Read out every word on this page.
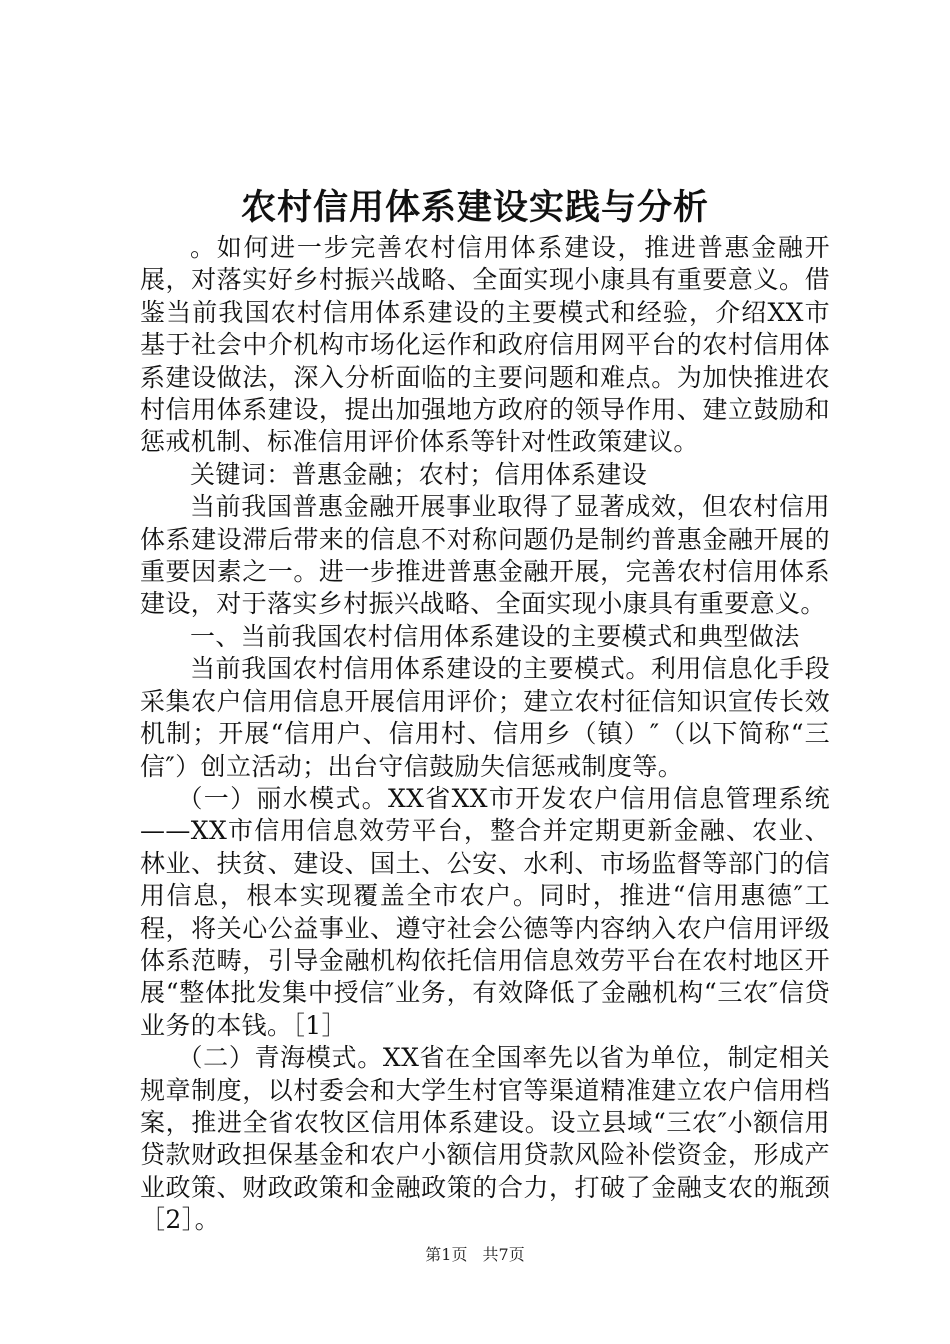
农村信用体系建设实践与分析

。如何进一步完善农村信用体系建设，推进普惠金融开展，对落实好乡村振兴战略、全面实现小康具有重要意义。借鉴当前我国农村信用体系建设的主要模式和经验，介绍XX市基于社会中介机构市场化运作和政府信用网平台的农村信用体系建设做法，深入分析面临的主要问题和难点。为加快推进农村信用体系建设，提出加强地方政府的领导作用、建立鼓励和惩戒机制、标准信用评价体系等针对性政策建议。

关键词：普惠金融；农村；信用体系建设

当前我国普惠金融开展事业取得了显著成效，但农村信用体系建设滞后带来的信息不对称问题仍是制约普惠金融开展的重要因素之一。进一步推进普惠金融开展，完善农村信用体系建设，对于落实乡村振兴战略、全面实现小康具有重要意义。

一、当前我国农村信用体系建设的主要模式和典型做法

当前我国农村信用体系建设的主要模式。利用信息化手段采集农户信用信息开展信用评价；建立农村征信知识宣传长效机制；开展“信用户、信用村、信用乡（镇）″（以下简称“三信″）创立活动；出台守信鼓励失信惩戒制度等。

（一）丽水模式。XX省XX市开发农户信用信息管理系统——XX市信用信息效劳平台，整合并定期更新金融、农业、林业、扶贫、建设、国土、公安、水利、市场监督等部门的信用信息，根本实现覆盖全市农户。同时，推进“信用惠德″工程，将关心公益事业、遵守社会公德等内容纳入农户信用评级体系范畴，引导金融机构依托信用信息效劳平台在农村地区开展“整体批发集中授信″业务，有效降低了金融机构“三农″信贷业务的本钱。［1］

（二）青海模式。XX省在全国率先以省为单位，制定相关规章制度，以村委会和大学生村官等渠道精准建立农户信用档案，推进全省农牧区信用体系建设。设立县域“三农″小额信用贷款财政担保基金和农户小额信用贷款风险补偿资金，形成产业政策、财政政策和金融政策的合力，打破了金融支农的瓶颈［2］。

第1页 共7页
